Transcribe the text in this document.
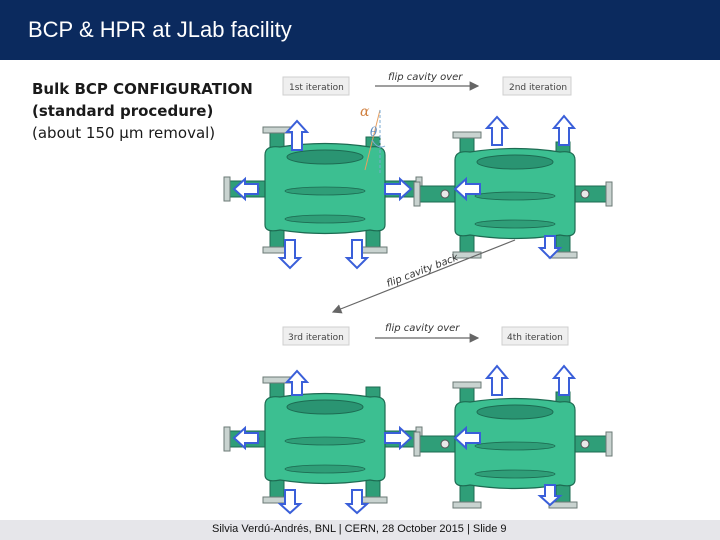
BCP & HPR at JLab facility
Bulk BCP CONFIGURATION
(standard procedure)
(about 150 μm removal)
α
θ
1st iteration	2nd iteration
3rd iteration	4th iteration
flip cavity over
flip cavity back
flip cavity over
Silvia Verdú-Andrés, BNL | CERN, 28 October 2015 | Slide 9
